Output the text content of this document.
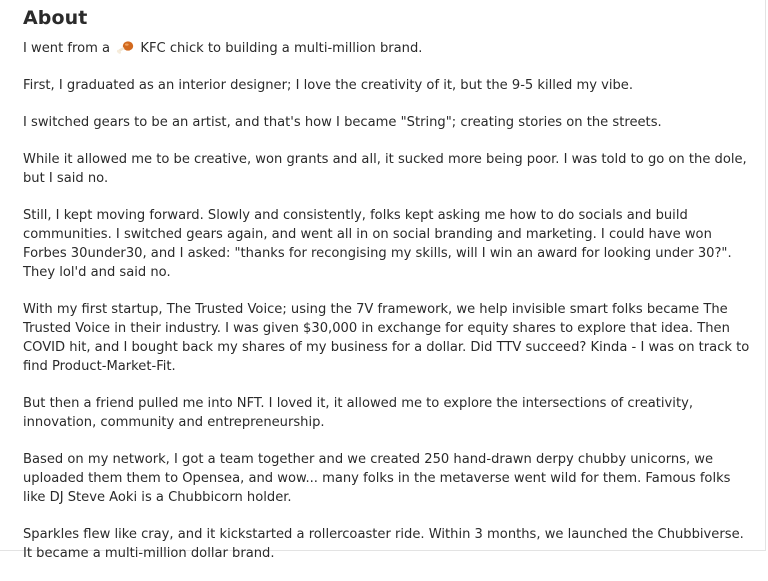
About

I went from a KFC chick to building a multi-million brand.

First, I graduated as an interior designer; I love the creativity of it, but the 9-5 killed my vibe.

I switched gears to be an artist, and that's how I became "String"; creating stories on the streets.

While it allowed me to be creative, won grants and all, it sucked more being poor. I was told to go on the dole, but I said no.

Still, I kept moving forward. Slowly and consistently, folks kept asking me how to do socials and build communities. I switched gears again, and went all in on social branding and marketing. I could have won Forbes 30under30, and I asked: "thanks for recongising my skills, will I win an award for looking under 30?". They lol'd and said no.

With my first startup, The Trusted Voice; using the 7V framework, we help invisible smart folks became The Trusted Voice in their industry. I was given $30,000 in exchange for equity shares to explore that idea. Then COVID hit, and I bought back my shares of my business for a dollar. Did TTV succeed? Kinda - I was on track to find Product-Market-Fit.

But then a friend pulled me into NFT. I loved it, it allowed me to explore the intersections of creativity, innovation, community and entrepreneurship.

Based on my network, I got a team together and we created 250 hand-drawn derpy chubby unicorns, we uploaded them them to Opensea, and wow... many folks in the metaverse went wild for them. Famous folks like DJ Steve Aoki is a Chubbicorn holder.

Sparkles flew like cray, and it kickstarted a rollercoaster ride. Within 3 months, we launched the Chubbiverse. It became a multi-million dollar brand.
